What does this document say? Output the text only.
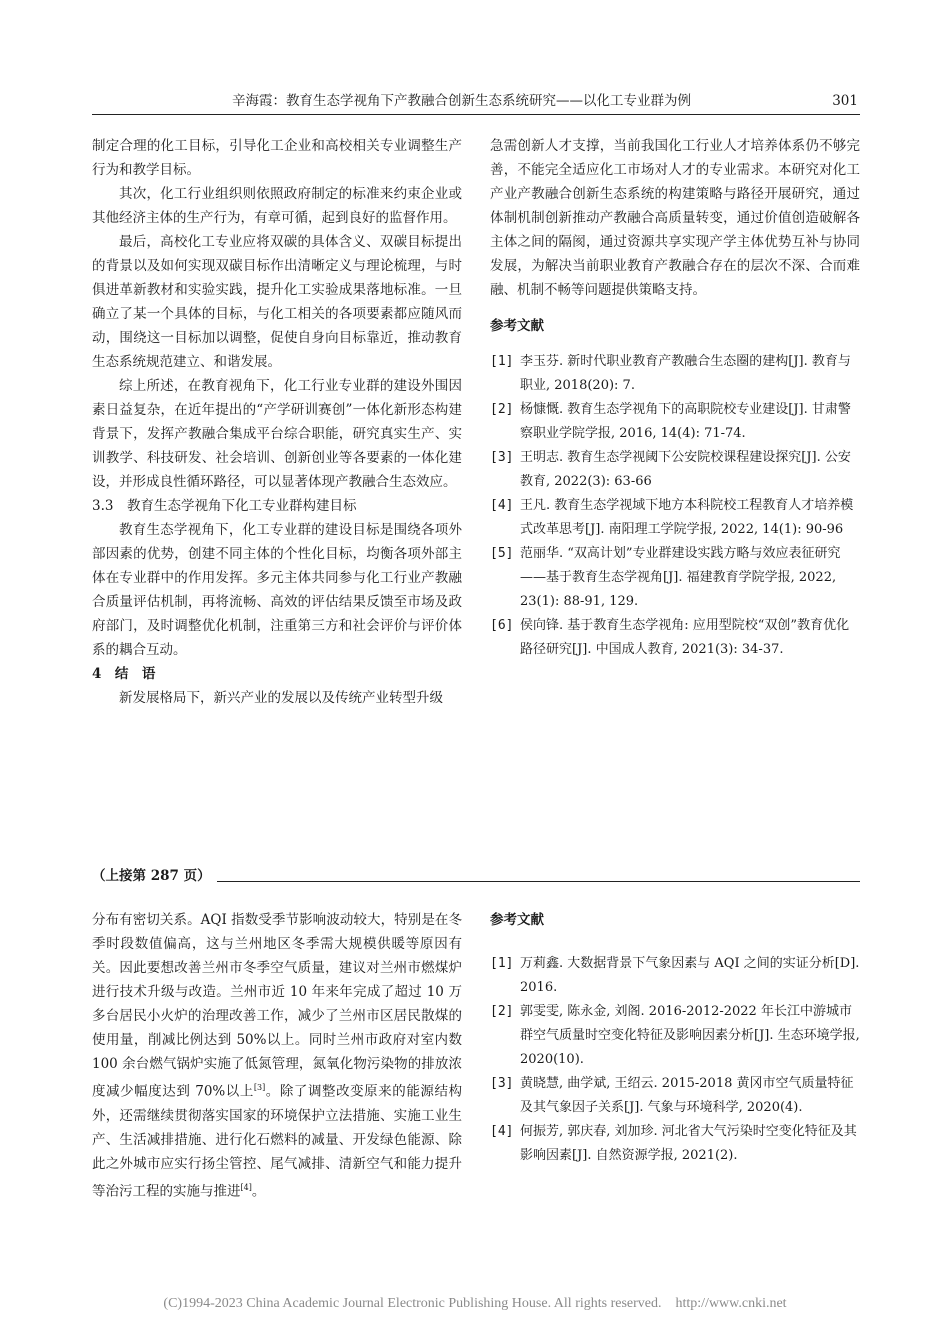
辛海霞：教育生态学视角下产教融合创新生态系统研究——以化工专业群为例	301

制定合理的化工目标，引导化工企业和高校相关专业调整生产行为和教学目标。

其次，化工行业组织则依照政府制定的标准来约束企业或其他经济主体的生产行为，有章可循，起到良好的监督作用。

最后，高校化工专业应将双碳的具体含义、双碳目标提出的背景以及如何实现双碳目标作出清晰定义与理论梳理，与时俱进革新教材和实验实践，提升化工实验成果落地标准。一旦确立了某一个具体的目标，与化工相关的各项要素都应随风而动，围绕这一目标加以调整，促使自身向目标靠近，推动教育生态系统规范建立、和谐发展。

综上所述，在教育视角下，化工行业专业群的建设外围因素日益复杂，在近年提出的“产学研训赛创”一体化新形态构建背景下，发挥产教融合集成平台综合职能，研究真实生产、实训教学、科技研发、社会培训、创新创业等各要素的一体化建设，并形成良性循环路径，可以显著体现产教融合生态效应。

3.3　教育生态学视角下化工专业群构建目标

教育生态学视角下，化工专业群的建设目标是围绕各项外部因素的优势，创建不同主体的个性化目标，均衡各项外部主体在专业群中的作用发挥。多元主体共同参与化工行业产教融合质量评估机制，再将流畅、高效的评估结果反馈至市场及政府部门，及时调整优化机制，注重第三方和社会评价与评价体系的耦合互动。

4　结　语

新发展格局下，新兴产业的发展以及传统产业转型升级

急需创新人才支撑，当前我国化工行业人才培养体系仍不够完善，不能完全适应化工市场对人才的专业需求。本研究对化工产业产教融合创新生态系统的构建策略与路径开展研究，通过体制机制创新推动产教融合高质量转变，通过价值创造破解各主体之间的隔阂，通过资源共享实现产学主体优势互补与协同发展，为解决当前职业教育产教融合存在的层次不深、合而难融、机制不畅等问题提供策略支持。

参考文献

[1] 李玉芬. 新时代职业教育产教融合生态圈的建构[J]. 教育与职业, 2018(20): 7.
[2] 杨慷慨. 教育生态学视角下的高职院校专业建设[J]. 甘肃警察职业学院学报, 2016, 14(4): 71-74.
[3] 王明志. 教育生态学视阈下公安院校课程建设探究[J]. 公安教育, 2022(3): 63-66
[4] 王凡. 教育生态学视域下地方本科院校工程教育人才培养模式改革思考[J]. 南阳理工学院学报, 2022, 14(1): 90-96
[5] 范丽华. “双高计划”专业群建设实践方略与效应表征研究——基于教育生态学视角[J]. 福建教育学院学报, 2022, 23(1): 88-91, 129.
[6] 侯向锋. 基于教育生态学视角: 应用型院校“双创”教育优化路径研究[J]. 中国成人教育, 2021(3): 34-37.
（上接第 287 页）

分布有密切关系。AQI 指数受季节影响波动较大，特别是在冬季时段数值偏高，这与兰州地区冬季需大规模供暖等原因有关。因此要想改善兰州市冬季空气质量，建议对兰州市燃煤炉进行技术升级与改造。兰州市近 10 年来年完成了超过 10 万多台居民小火炉的治理改善工作，减少了兰州市区居民散煤的使用量，削减比例达到 50%以上。同时兰州市政府对室内数 100 余台燃气锅炉实施了低氮管理，氮氧化物污染物的排放浓度减少幅度达到 70%以上[3]。除了调整改变原来的能源结构外，还需继续贯彻落实国家的环境保护立法措施、实施工业生产、生活减排措施、进行化石燃料的减量、开发绿色能源、除此之外城市应实行扬尘管控、尾气减排、清新空气和能力提升等治污工程的实施与推进[4]。

参考文献

[1] 万莉鑫. 大数据背景下气象因素与 AQI 之间的实证分析[D]. 2016.
[2] 郭雯雯, 陈永金, 刘阁. 2016-2012-2022 年长江中游城市群空气质量时空变化特征及影响因素分析[J]. 生态环境学报, 2020(10).
[3] 黄晓慧, 曲学斌, 王绍云. 2015-2018 黄冈市空气质量特征及其气象因子关系[J]. 气象与环境科学, 2020(4).
[4] 何振芳, 郭庆春, 刘加珍. 河北省大气污染时空变化特征及其影响因素[J]. 自然资源学报, 2021(2).
(C)1994-2023 China Academic Journal Electronic Publishing House. All rights reserved.    http://www.cnki.net
